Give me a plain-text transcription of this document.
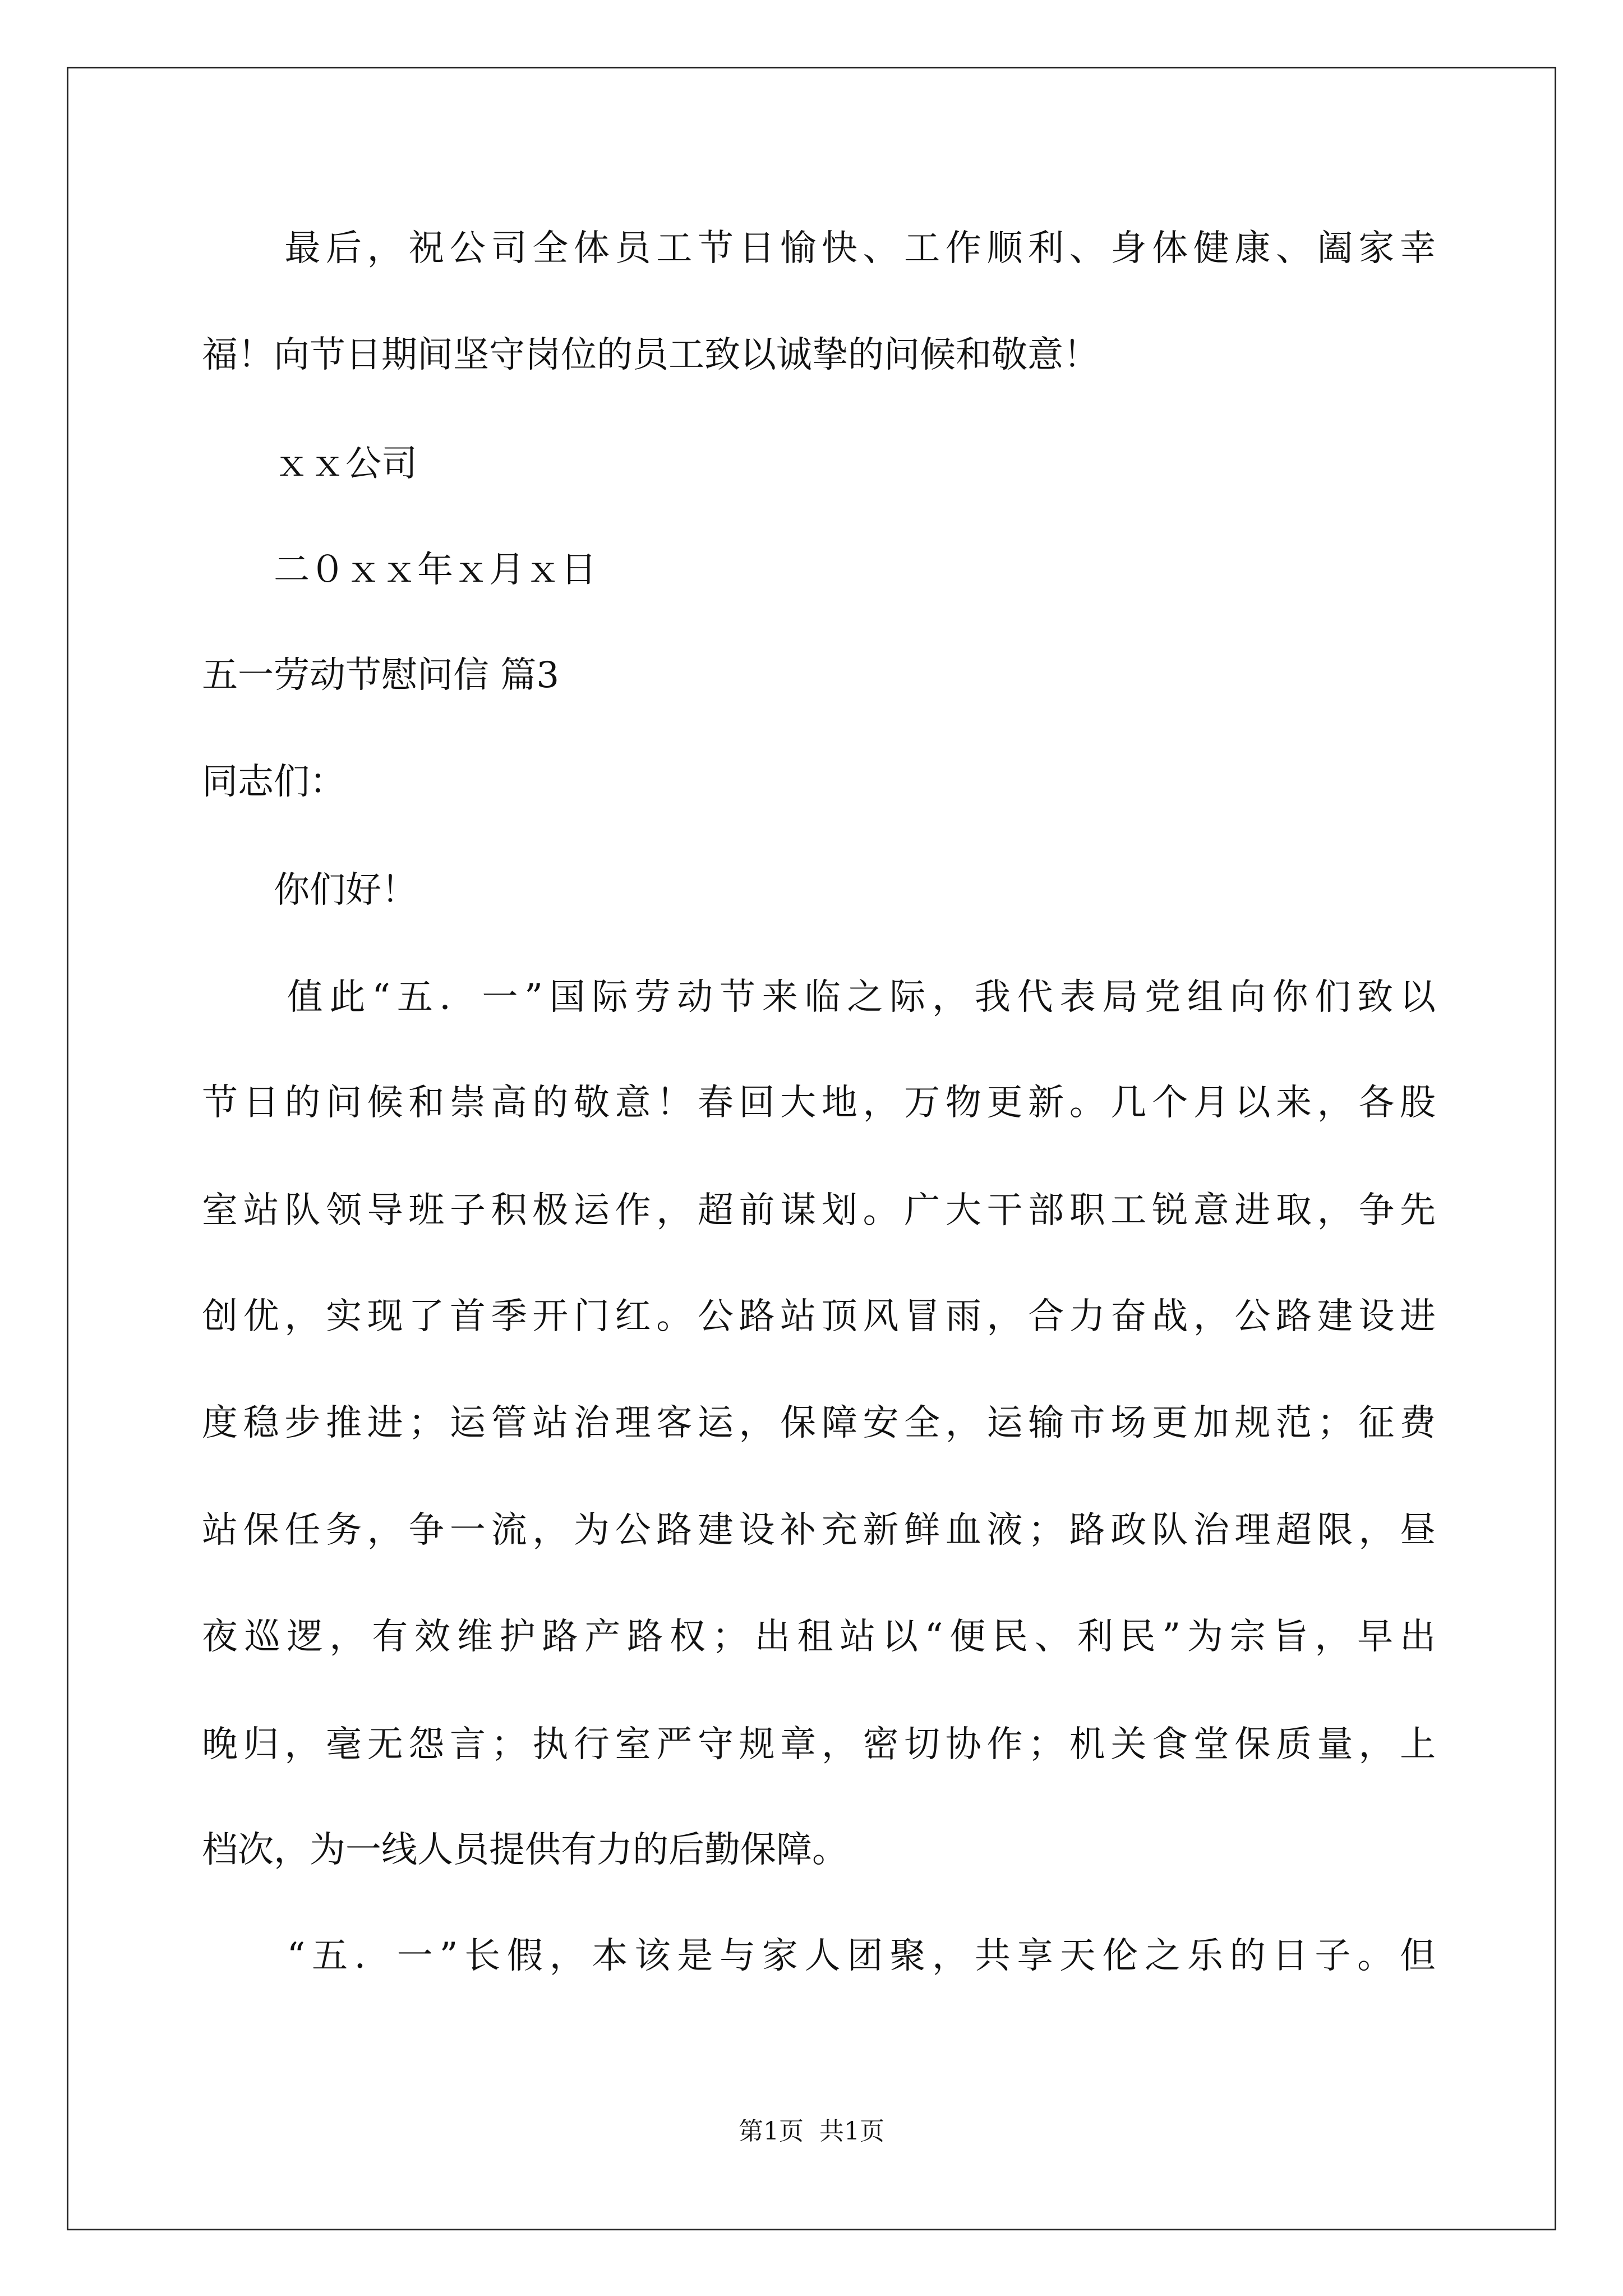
　　最后，祝公司全体员工节日愉快、工作顺利、身体健康、阖家幸
福！向节日期间坚守岗位的员工致以诚挚的问候和敬意！
　　ｘｘ公司
　　二０ｘｘ年ｘ月ｘ日
五一劳动节慰问信 篇3
同志们：
　　你们好！
　　值此“五．一”国际劳动节来临之际，我代表局党组向你们致以
节日的问候和崇高的敬意！春回大地，万物更新。几个月以来，各股
室站队领导班子积极运作，超前谋划。广大干部职工锐意进取，争先
创优，实现了首季开门红。公路站顶风冒雨，合力奋战，公路建设进
度稳步推进；运管站治理客运，保障安全，运输市场更加规范；征费
站保任务，争一流，为公路建设补充新鲜血液；路政队治理超限，昼
夜巡逻，有效维护路产路权；出租站以“便民、利民”为宗旨，早出
晚归，毫无怨言；执行室严守规章，密切协作；机关食堂保质量，上
档次，为一线人员提供有力的后勤保障。
　　“五．一”长假，本该是与家人团聚，共享天伦之乐的日子。但
第1页  共1页
